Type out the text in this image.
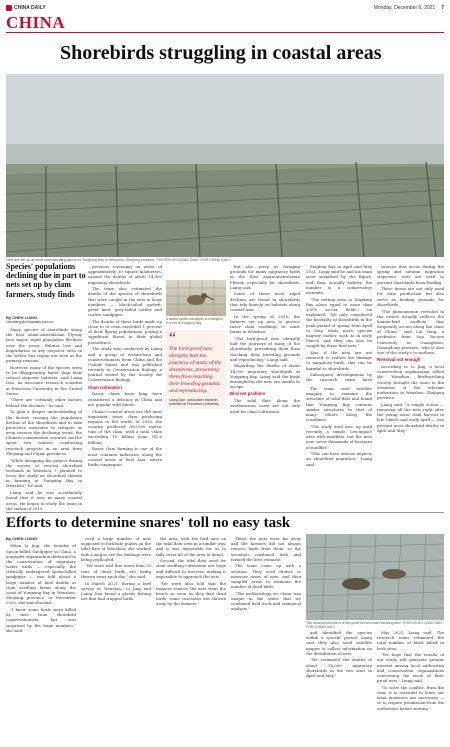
CHINA DAILY	Monday, December 6, 2021 7
CHINA
Shorebirds struggling in coastal areas
Nets are set up at most clam-seedling farms on Yongxing Bay in Wenzhou, Zhejiang province. PHOTOS BY LIANG DAN / FOR CHINA DAILY
Species' populations declining due in part to nets set up by clam farmers, study finds
By CHEN LIANG
chenliang@chinadaily.com.cn

Many species of shorebirds along the East Asian-Australasian Flyway face major, rapid population declines over the years. Habitat loss and degradation in key stopover sites in the Yellow Sea region are seen as the primary reasons.

However, many of the species seem to be disappearing faster than their critical stopover habitats, said Liang Dan, an associate research scientist at Princeton University in the United States.

"There are certainly other factors behind the declines," he said.

To gain a deeper understanding of the factors causing the population decline of the shorebirds and to take protective measures to mitigate or even reverse the declining trend, the Chinese conservation scientist said he spent two winters conducting research projects in an area from Zhejiang and Fujian provinces.

"While designing the project during the survey of several shorebird wetlands in Wenzhou, I planned to focus the study on shorebird threats in farming at Yongxing Bay in Wenzhou," he said.

Liang said he was accidentally found that it nets in many coastal areas. He began to study the issue in the spring of 2019.

previous screening on areas of approximately 30 square kilometers, caused the deaths of about 14,000 migratory shorebirds.

The team also estimated the deaths of the species of shorebirds that were caught in the nets in large numbers — black-tailed godwit, great knot, grey-tailed tattler and curlew sandpiper.

The deaths of these birds made up close to or even exceeded 1 percent of their flyway populations, posing a significant threat to their global persistence.

The study was conducted by Liang and a group of researchers and conservationists from China and the United States and was published recently in Conservation Biology, a journal issued by the Society for Conservation Biology.

Clam cultivation

Razor clams have long been considered a delicacy in China and are popular with diners.

China's coastal areas are the most important razor clam producing regions in the world. In 2020, the country produced 800,000 metric tons of the clam, with a total value exceeding 10 billion yuan ($1.6 billion).

Razor clam farming is one of the most common industries along the coastal areas of East Asia, where birds congregate.

A tamed curlew sandpiper is entangled in a net at Yongxing Bay.
“
The bird-proof nets abruptly halt the journeys of many of the shorebirds, preventing them from reaching their breeding grounds and reproducing.
Liang Dan, associate research scientist at Princeton University

but also serve as foraging grounds for many migratory birds in the East Asian-Australasian Flyway, especially for shorebirds, Liang said.

Some of these most rapid declines are found in shorebirds that rely heavily on habitats along coastal Asia.

In the spring of 2019, the farmers set up nets to protect razor clam seedlings at some farms in Wenzhou.

"The bird-proof nets abruptly halt the journeys of many of the shorebirds, preventing them from reaching their breeding grounds and reproducing," Liang said.

Regarding the deaths of about 14,000 migratory shorebirds at Yongxing Bay, Liang said the birds entangled in the nets are unable to escape.

Bird net problem

The tidal flats along the southeastern coast are not only used for clam cultivation

Xinghua Bay in April and May 2021, Liang said he and his team were surprised by the figure, and then actually believe the number is a conservative estimate.

"The netting area in Yongxing Bay alone equal to more than 1,000 soccer fields," he explained. "We only considered the mortality of shorebirds in the peak period of spring from April to May, while more species migrate earlier, such as in early March, and they can also be caught by these bird nets."

Also, if the nets are not removed to reduce the damage to migratory birds, this can be harmful to shorebirds.

Subsequent investigations by the research team have

The team used satellite imagery to examine the structure of tidal flats and found that Yongxing Bay contains similar structures to that of many others along the coastlines.

"The study area was, up until recently, a simple, low-impact area with mudflats, but the nets now cover thousands of hectares of mudflat."

"This can have serious impacts on shorebird migration," Liang said.

sources that occur during the spring and autumn migration stopovers, nets are used to prevent shorebirds from feeding.

These farms are not only used for clam production but also serve as feeding grounds for shorebirds.

"The phenomenon revealed in the article actually reflects the human-bird conflicts that frequently occurs along the coast of China," said Liu Yang, a professor from Sun Yat-sen University in Guangzhou, Guangdong province, who is also one of the study's co-authors.

Removal not enough

According to Li Jing, a local conservation organization called the Wenzhou Birdwatching Society brought the issue to the attention of the relevant authorities in Wenzhou, Zhejiang province.

Liang said, "A simple action — removing all the nets right after the young razor clam harvest in late March and early April — can prevent most shorebird deaths in April and May."

Efforts to determine snares' toll no easy task
By CHEN LIANG

When Li Jing, the founder of Spoon-billed Sandpiper in China, a nonprofit organization dedicated to the conservation of migratory water birds — especially the critically endangered spoon-billed sandpiper — was told about a large number of bird deaths at clam seedling farms along the coast of Yongxing Bay in Wenzhou, Zhejiang province, in November 2020, she was shocked.

"I knew some birds were killed by nets from shorebird conservationists, but was surprised by the huge numbers," she said.

ceed a large number of nets supposed to facilitate pulses on the tidal flats of Wenzhou, she worked with Liang to see the findings were being replicated.

"We were told that more than 20 tons of dead birds are being thrown away each day," she said.

In March 2021, during a bird survey in Wenzhou, Li Jing and Liang Dan found a plastic fishing net that had trapped birds.

the area, with the bird nets on the tidal flats seen in a similar way, and it was impossible for us to fully cover all of the area in detail.

Second, the tidal flats used for clam seedling cultivation are huge and difficult to traverse, making it impossible to approach the nets.

"We were also told that the farmers remove the nets from the beach as soon as they find dead birds, some carcasses are thrown away by the farmers."

Third, the nets were far away and the farmers did not always remove birds from them, so the scientists combined both and formed the best estimate.

The team came up with a solution. They used drones to measure areas of nets, and then sampled areas to estimate the number of dead birds.

"The methodology we chose was unique in the sense that we combined field work and statistical analysis."

Two dead shorebirds in a bird-proof net at a clam seedling farm. PHOTOS BY LIANG DAN / FOR CHINA DAILY

and identified the species within a specific period. Liang said they also used satellite images to collect information on the distribution of nets.

"We estimated the deaths of about 14,000 migratory shorebirds in the two sites in April and May."

May 2021, Liang said. The research team estimated the total number of birds killed in both sites.

"We hope that the results of our study will generate greater interest among local authorities and conservation organizations concerning the issue of bird-proof nets," Liang said.

"To solve the conflict, from the view, it is essential to leave out what measures are necessary — or to require permission from the authorities before netting."
